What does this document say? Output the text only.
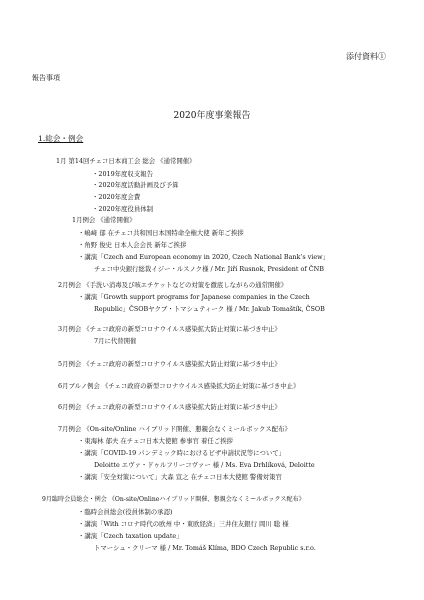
添付資料①
報告事項
2020年度事業報告
1.総会・例会
1月 第14回チェコ日本商工会 総会 《通常開催》
・2019年度収支報告
・2020年度活動計画及び予算
・2020年度会費
・2020年度役員体制
1月例会 《通常開催》
・嶋﨑 郁 在チェコ共和国日本国特命全権大使 新年ご挨拶
・角野 俊史 日本人会会長 新年ご挨拶
・講演「Czech and European economy in 2020, Czech National Bank’s view」
チェコ中央銀行総裁イジー・ルスノク様 / Mr. Jiří Rusnok, President of ČNB
2月例会 《手洗い消毒及び咳エチケットなどの対策を徹底しながらの通常開催》
・講演「Growth support programs for Japanese companies in the Czech
Republic」ČSOBヤクブ・トマシュティーク 様 / Mr. Jakub Tomaštík, ČSOB
3月例会 《チェコ政府の新型コロナウイルス感染拡大防止対策に基づき中止》
7月に代替開催
5月例会 《チェコ政府の新型コロナウイルス感染拡大防止対策に基づき中止》
6月ブルノ例会 《チェコ政府の新型コロナウイルス感染拡大防止対策に基づき中止》
6月例会 《チェコ政府の新型コロナウイルス感染拡大防止対策に基づき中止》
7月例会 《On-site/Online ハイブリッド開催、懇親会なくミールボックス配布》
・東海林 郁夫 在チェコ日本大使館 参事官 着任ご挨拶
・講演「COVID-19 パンデミック時におけるビザ申請状況等について」
Deloitte エヴァ・ドゥルフリーコヴァー 様 / Ms. Eva Drhlíková, Deloitte
・講演「安全対策について」大森 宣之 在チェコ日本大使館 警備対策官
9月臨時会員総会・例会 《On-site/Onlineハイブリッド開催、懇親会なくミールボックス配布》
・臨時会員総会(役員体制の承認)
・講演「With コロナ時代の欧州 中・東欧経済」三井住友銀行 岡川 聡 様
・講演「Czech taxation update」
トマーシュ・クリーマ 様 / Mr. Tomáš Klíma, BDO Czech Republic s.r.o.
